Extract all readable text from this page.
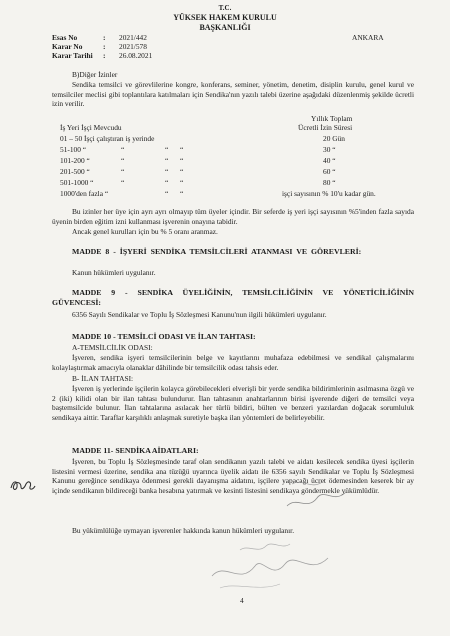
T.C.
YÜKSEK HAKEM KURULU
BAŞKANLIĞI
Esas No	: 2021/442	ANKARA
Karar No	: 2021/578
Karar Tarihi : 26.08.2021
B)Diğer İzinler
Sendika temsilci ve görevlilerine kongre, konferans, seminer, yönetim, denetim, disiplin kurulu, genel kurul ve temsilciler meclisi gibi toplantılara katılmaları için Sendika'nın yazılı talebi üzerine aşağıdaki düzenlenmiş şekilde ücretli izin verilir.
Yıllık Toplam
İş Yeri İşçi Mevcudu	Ücretli İzin Süresi
01 – 50 İşçi çalıştıran iş yerinde	20 Gün
51-100 “	“	“ “	30 “
101-200 “	“	“ “	40 “
201-500 “	“	“ “	60 “
501-1000 “	“	“ “	80 “
1000'den fazla “	“ “	işçi sayısının % 10'u kadar gün.
Bu izinler her üye için ayrı ayrı olmayıp tüm üyeler içindir. Bir seferde iş yeri işçi sayısının %5'inden fazla sayıda üyenin birden eğitim izni kullanması işverenin onayına tabidir.
Ancak genel kurulları için bu % 5 oranı aranmaz.
MADDE 8 - İŞYERİ SENDİKA TEMSİLCİLERİ ATANMASI VE GÖREVLERİ:
Kanun hükümleri uygulanır.
MADDE 9 - SENDİKA ÜYELİĞİNİN, TEMSİLCİLİĞİNİN VE YÖNETİCİLİĞİNİN GÜVENCESİ:
6356 Sayılı Sendikalar ve Toplu İş Sözleşmesi Kanunu'nun ilgili hükümleri uygulanır.
MADDE 10 - TEMSİLCİ ODASI VE İLAN TAHTASI:
A-TEMSİLCİLİK ODASI:
İşveren, sendika işyeri temsilcilerinin belge ve kayıtlarını muhafaza edebilmesi ve sendikal çalışmalarını kolaylaştırmak amacıyla olanaklar dâhilinde bir temsilcilik odası tahsis eder.
B- İLAN TAHTASI:
İşveren iş yerlerinde işçilerin kolayca görebilecekleri elverişli bir yerde sendika bildirimlerinin asılmasına özgü ve 2 (iki) kilidi olan bir ilan tahtası bulundurur. İlan tahtasının anahtarlarının birisi işverende diğeri de temsilci veya baştemsilcide bulunur. İlan tahtalarına asılacak her türlü bildiri, bülten ve benzeri yazılardan doğacak sorumluluk sendikaya aittir. Taraflar karşılıklı anlaşmak suretiyle başka ilan yöntemleri de belirleyebilir.
MADDE 11- SENDİKA AİDATLARI:
İşveren, bu Toplu İş Sözleşmesinde taraf olan sendikanın yazılı talebi ve aidatı kesilecek sendika üyesi işçilerin listesini vermesi üzerine, sendika ana tüzüğü uyarınca üyelik aidatı ile 6356 sayılı Sendikalar ve Toplu İş Sözleşmesi Kanunu gereğince sendikaya ödenmesi gerekli dayanışma aidatını, işçilere yapacağı ücret ödemesinden keserek bir ay içinde sendikanın bildireceği banka hesabına yatırmak ve kesinti listesini sendikaya göndermekle yükümlüdür.
Bu yükümlülüğe uymayan işverenler hakkında kanun hükümleri uygulanır.
4
